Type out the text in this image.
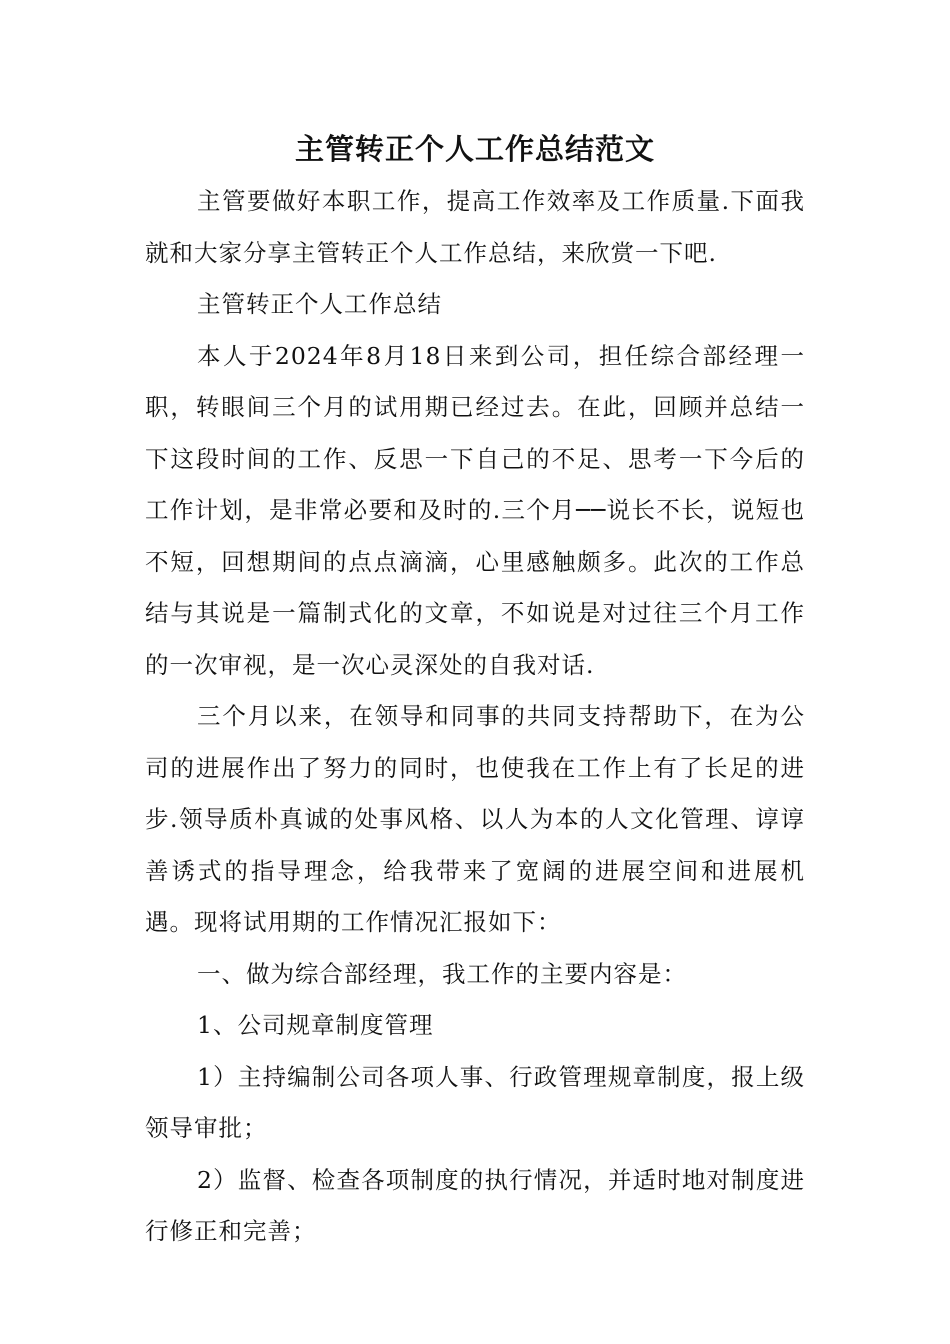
主管转正个人工作总结范文

主管要做好本职工作，提高工作效率及工作质量.下面我就和大家分享主管转正个人工作总结，来欣赏一下吧.

主管转正个人工作总结

本人于2024年8月18日来到公司，担任综合部经理一职，转眼间三个月的试用期已经过去。在此，回顾并总结一下这段时间的工作、反思一下自己的不足、思考一下今后的工作计划，是非常必要和及时的.三个月──说长不长，说短也不短，回想期间的点点滴滴，心里感触颇多。此次的工作总结与其说是一篇制式化的文章，不如说是对过往三个月工作的一次审视，是一次心灵深处的自我对话.

三个月以来，在领导和同事的共同支持帮助下，在为公司的进展作出了努力的同时，也使我在工作上有了长足的进步.领导质朴真诚的处事风格、以人为本的人文化管理、谆谆善诱式的指导理念，给我带来了宽阔的进展空间和进展机遇。现将试用期的工作情况汇报如下：

一、做为综合部经理，我工作的主要内容是：

1、公司规章制度管理

1）主持编制公司各项人事、行政管理规章制度，报上级领导审批；

2）监督、检查各项制度的执行情况，并适时地对制度进行修正和完善；
